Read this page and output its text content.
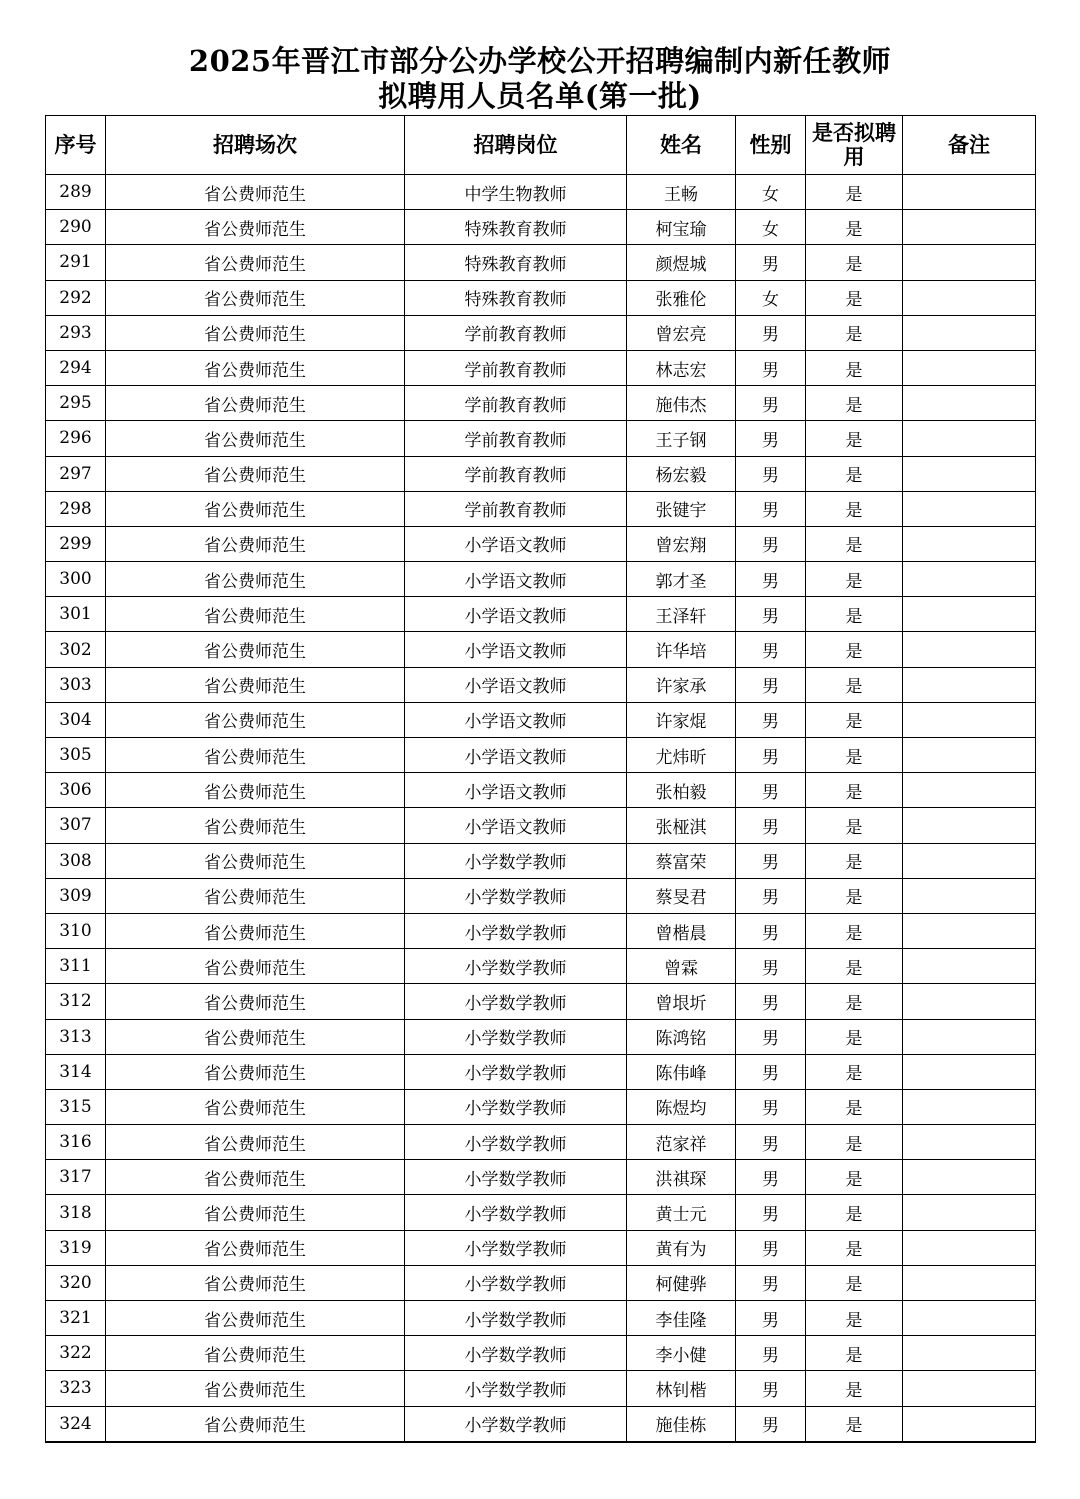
2025年晋江市部分公办学校公开招聘编制内新任教师
拟聘用人员名单(第一批)
序号	招聘场次	招聘岗位	姓名	性别	是否拟聘用	备注
289	省公费师范生	中学生物教师	王畅	女	是	
290	省公费师范生	特殊教育教师	柯宝瑜	女	是	
291	省公费师范生	特殊教育教师	颜煜城	男	是	
292	省公费师范生	特殊教育教师	张雅伦	女	是	
293	省公费师范生	学前教育教师	曾宏亮	男	是	
294	省公费师范生	学前教育教师	林志宏	男	是	
295	省公费师范生	学前教育教师	施伟杰	男	是	
296	省公费师范生	学前教育教师	王子钢	男	是	
297	省公费师范生	学前教育教师	杨宏毅	男	是	
298	省公费师范生	学前教育教师	张键宇	男	是	
299	省公费师范生	小学语文教师	曾宏翔	男	是	
300	省公费师范生	小学语文教师	郭才圣	男	是	
301	省公费师范生	小学语文教师	王泽轩	男	是	
302	省公费师范生	小学语文教师	许华培	男	是	
303	省公费师范生	小学语文教师	许家承	男	是	
304	省公费师范生	小学语文教师	许家焜	男	是	
305	省公费师范生	小学语文教师	尤炜昕	男	是	
306	省公费师范生	小学语文教师	张柏毅	男	是	
307	省公费师范生	小学语文教师	张桠淇	男	是	
308	省公费师范生	小学数学教师	蔡富荣	男	是	
309	省公费师范生	小学数学教师	蔡旻君	男	是	
310	省公费师范生	小学数学教师	曾楷晨	男	是	
311	省公费师范生	小学数学教师	曾霖	男	是	
312	省公费师范生	小学数学教师	曾垠圻	男	是	
313	省公费师范生	小学数学教师	陈鸿铭	男	是	
314	省公费师范生	小学数学教师	陈伟峰	男	是	
315	省公费师范生	小学数学教师	陈煜均	男	是	
316	省公费师范生	小学数学教师	范家祥	男	是	
317	省公费师范生	小学数学教师	洪祺琛	男	是	
318	省公费师范生	小学数学教师	黄士元	男	是	
319	省公费师范生	小学数学教师	黄有为	男	是	
320	省公费师范生	小学数学教师	柯健骅	男	是	
321	省公费师范生	小学数学教师	李佳隆	男	是	
322	省公费师范生	小学数学教师	李小健	男	是	
323	省公费师范生	小学数学教师	林钊楷	男	是	
324	省公费师范生	小学数学教师	施佳栋	男	是	
